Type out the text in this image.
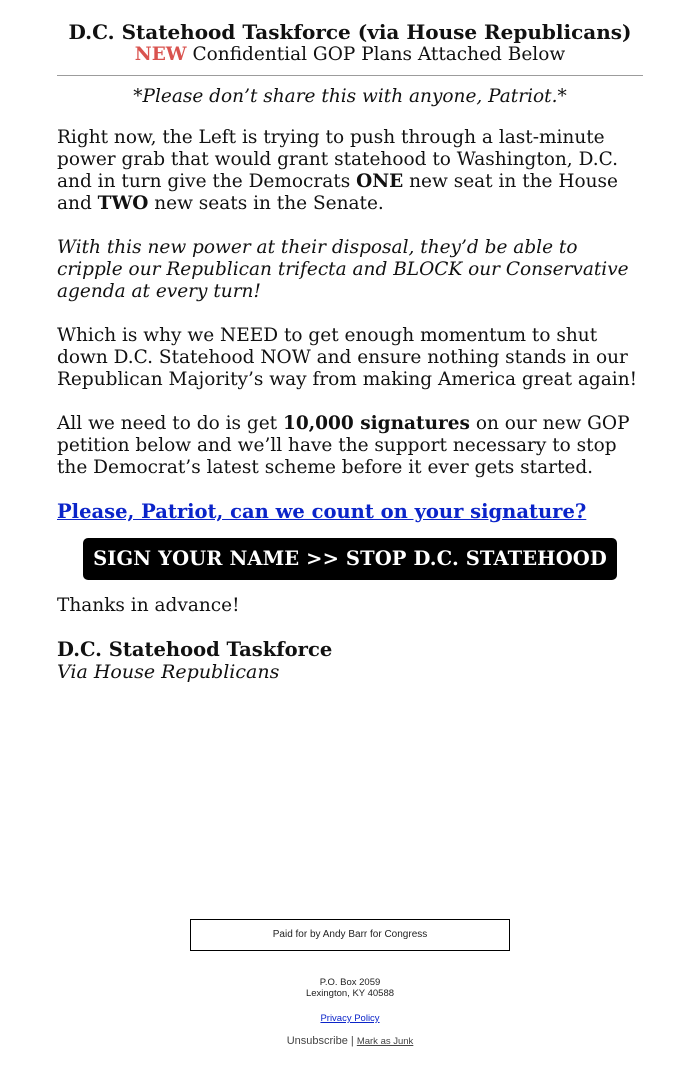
D.C. Statehood Taskforce (via House Republicans)
NEW Confidential GOP Plans Attached Below
*Please don’t share this with anyone, Patriot.*

Right now, the Left is trying to push through a last-minute power grab that would grant statehood to Washington, D.C. and in turn give the Democrats ONE new seat in the House and TWO new seats in the Senate.

With this new power at their disposal, they’d be able to cripple our Republican trifecta and BLOCK our Conservative agenda at every turn!

Which is why we NEED to get enough momentum to shut down D.C. Statehood NOW and ensure nothing stands in our Republican Majority’s way from making America great again!

All we need to do is get 10,000 signatures on our new GOP petition below and we’ll have the support necessary to stop the Democrat’s latest scheme before it ever gets started.

Please, Patriot, can we count on your signature?
SIGN YOUR NAME >> STOP D.C. STATEHOOD

Thanks in advance!

D.C. Statehood Taskforce
Via House Republicans
Paid for by Andy Barr for Congress
P.O. Box 2059
Lexington, KY 40588
Privacy Policy
Unsubscribe | Mark as Junk
